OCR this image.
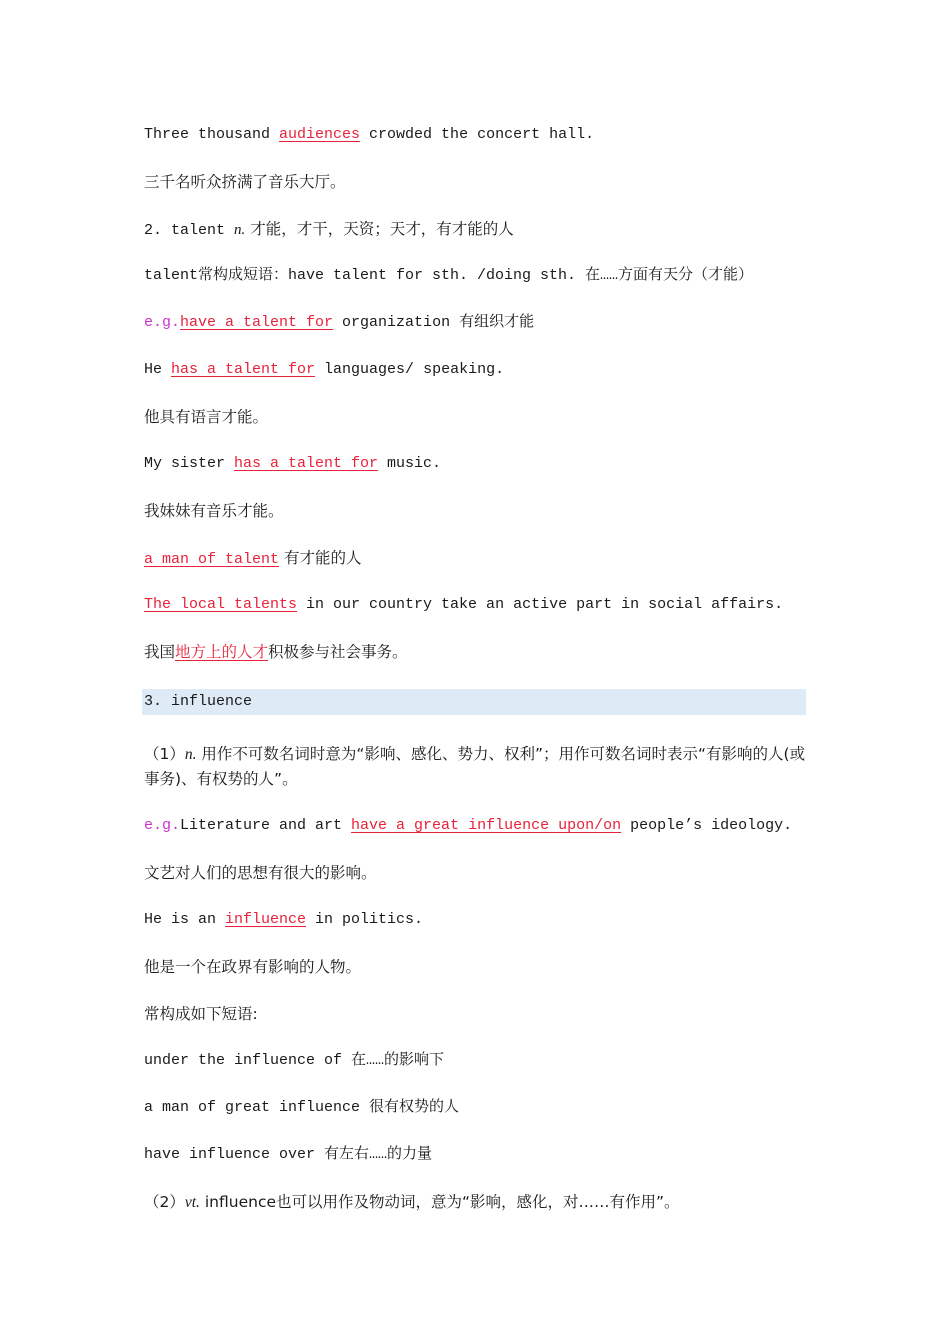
Three thousand audiences crowded the concert hall.
三千名听众挤满了音乐大厅。
2. talent n. 才能，才干，天资；天才，有才能的人
talent常构成短语：have talent for sth. /doing sth. 在……方面有天分（才能）
e.g.have a talent for organization 有组织才能
He has a talent for languages/ speaking.
他具有语言才能。
My sister has a talent for music.
我妹妹有音乐才能。
a man of talent 有才能的人
The local talents in our country take an active part in social affairs.
我国地方上的人才积极参与社会事务。
3. influence
（1）n. 用作不可数名词时意为“影响、感化、势力、权利”；用作可数名词时表示“有影响的人(或事务)、有权势的人”。
e.g.Literature and art have a great influence upon/on people’s ideology.
文艺对人们的思想有很大的影响。
He is an influence in politics.
他是一个在政界有影响的人物。
常构成如下短语:
under the influence of 在……的影响下
a man of great influence 很有权势的人
have influence over 有左右……的力量
（2）vt. influence也可以用作及物动词，意为“影响，感化，对……有作用”。
